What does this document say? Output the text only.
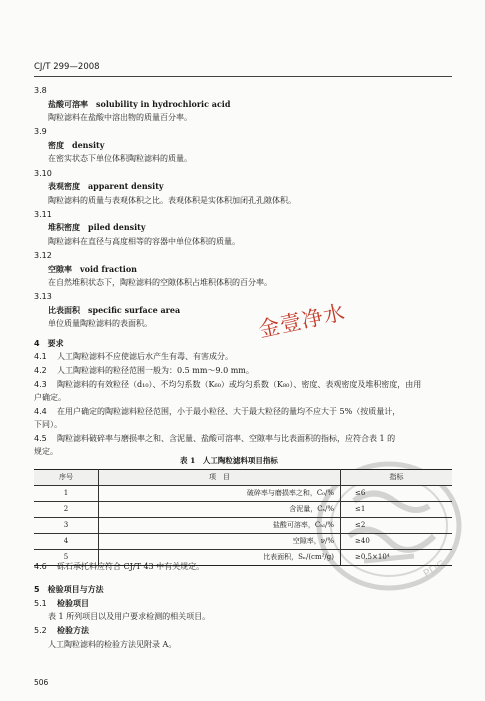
CJ/T 299—2008
3.8
盐酸可溶率　solubility in hydrochloric acid
陶粒滤料在盐酸中溶出物的质量百分率。
3.9
密度　density
在密实状态下单位体积陶粒滤料的质量。
3.10
表观密度　apparent density
陶粒滤料的质量与表观体积之比。表观体积是实体积加闭孔孔隙体积。
3.11
堆积密度　piled density
陶粒滤料在直径与高度相等的容器中单位体积的质量。
3.12
空隙率　void fraction
在自然堆积状态下，陶粒滤料的空隙体积占堆积体积的百分率。
3.13
比表面积　specific surface area
单位质量陶粒滤料的表面积。	金壹净水
4　要求
4.1 人工陶粒滤料不应使滤后水产生有毒、有害成分。
4.2 人工陶粒滤料的粒径范围一般为：0.5 mm～9.0 mm。
4.3 陶粒滤料的有效粒径（d₁₀）、不均匀系数（K₆₀）或均匀系数（K₈₀）、密度、表观密度及堆积密度，由用
户确定。
4.4 在用户确定的陶粒滤料粒径范围，小于最小粒径、大于最大粒径的量均不应大于 5%（按质量计，
下同）。
4.5 陶粒滤料破碎率与磨损率之和、含泥量、盐酸可溶率、空隙率与比表面积的指标，应符合表 1 的
规定。
表 1　人工陶粒滤料项目指标
PDG
序号	项　目	指标
1	破碎率与磨损率之和，C₀/%	≤6
2	含泥量，Cₛ/%	≤1
3	盐酸可溶率，Cₕₗ/%	≤2
4	空隙率，ν/%	≥40
5	比表面积，Sₙ/(cm²/g)	≥0.5×10⁴
4.6 砾石承托料应符合 CJ/T 43 中有关规定。
5　检验项目与方法
5.1 检验项目
表 1 所列项目以及用户要求检测的相关项目。
5.2 检验方法
人工陶粒滤料的检验方法见附录 A。
506
